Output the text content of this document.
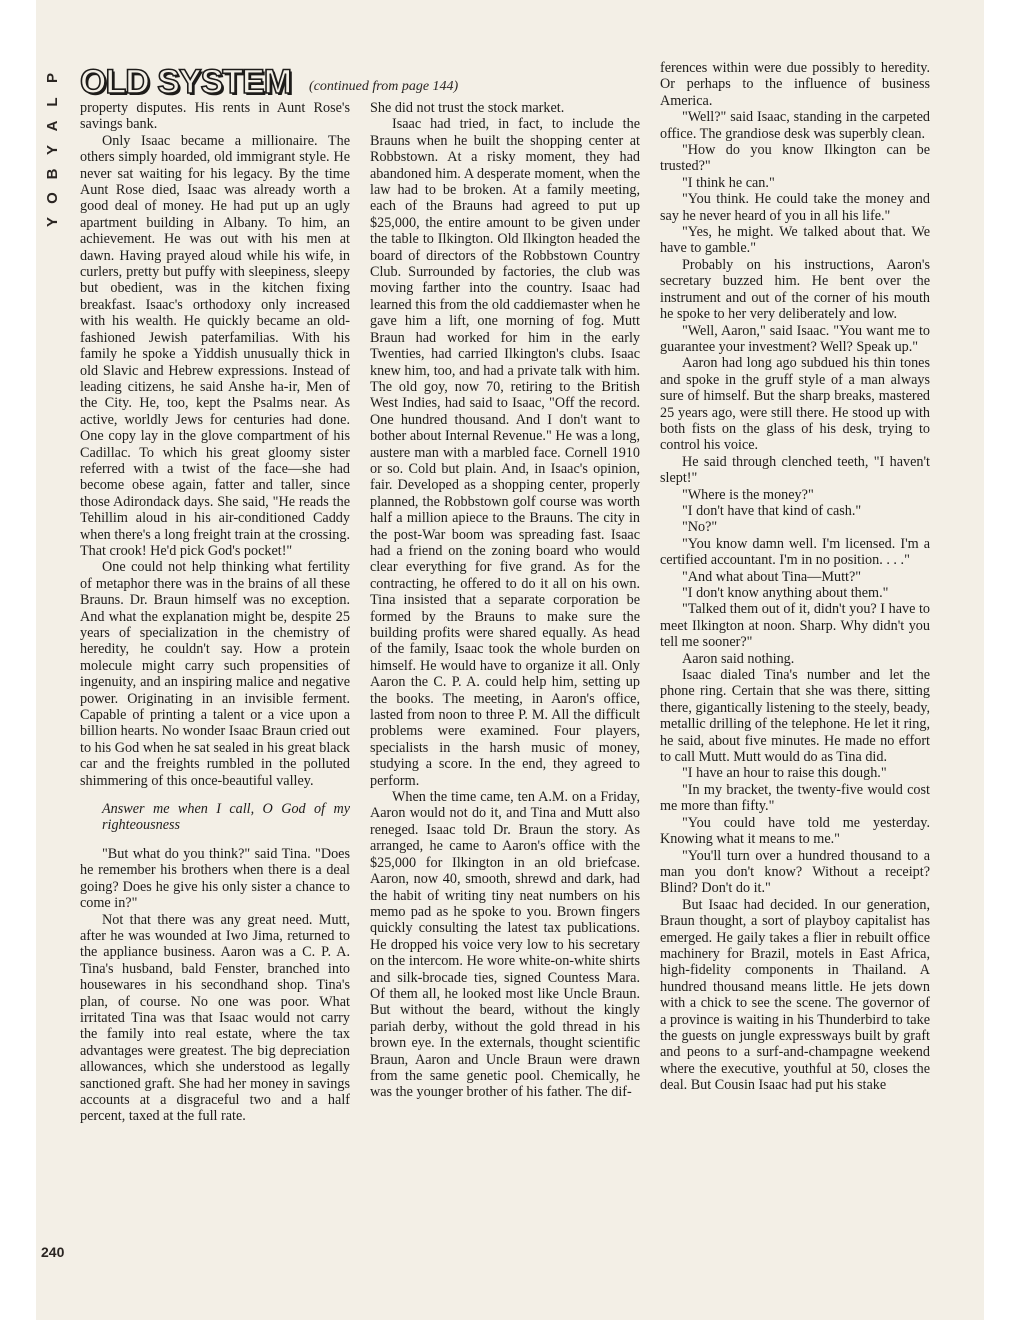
P
L
A
Y
B
O
Y
240
OLD SYSTEM (continued from page 144)

property disputes. His rents in Aunt Rose's savings bank.

Only Isaac became a millionaire. The others simply hoarded, old immigrant style. He never sat waiting for his legacy. By the time Aunt Rose died, Isaac was already worth a good deal of money. He had put up an ugly apartment building in Albany. To him, an achievement. He was out with his men at dawn. Having prayed aloud while his wife, in curlers, pretty but puffy with sleepiness, sleepy but obedient, was in the kitchen fixing breakfast. Isaac's orthodoxy only increased with his wealth. He quickly became an old-fashioned Jewish paterfamilias. With his family he spoke a Yiddish unusually thick in old Slavic and Hebrew expressions. Instead of leading citizens, he said Anshe ha-ir, Men of the City. He, too, kept the Psalms near. As active, worldly Jews for centuries had done. One copy lay in the glove compartment of his Cadillac. To which his great gloomy sister referred with a twist of the face—she had become obese again, fatter and taller, since those Adirondack days. She said, "He reads the Tehillim aloud in his air-conditioned Caddy when there's a long freight train at the crossing. That crook! He'd pick God's pocket!"

One could not help thinking what fertility of metaphor there was in the brains of all these Brauns. Dr. Braun himself was no exception. And what the explanation might be, despite 25 years of specialization in the chemistry of heredity, he couldn't say. How a protein molecule might carry such propensities of ingenuity, and an inspiring malice and negative power. Originating in an invisible ferment. Capable of printing a talent or a vice upon a billion hearts. No wonder Isaac Braun cried out to his God when he sat sealed in his great black car and the freights rumbled in the polluted shimmering of this once-beautiful valley.

Answer me when I call, O God of my righteousness

"But what do you think?" said Tina. "Does he remember his brothers when there is a deal going? Does he give his only sister a chance to come in?"

Not that there was any great need. Mutt, after he was wounded at Iwo Jima, returned to the appliance business. Aaron was a C. P. A. Tina's husband, bald Fenster, branched into housewares in his secondhand shop. Tina's plan, of course. No one was poor. What irritated Tina was that Isaac would not carry the family into real estate, where the tax advantages were greatest. The big depreciation allowances, which she understood as legally sanctioned graft. She had her money in savings accounts at a disgraceful two and a half percent, taxed at the full rate.

She did not trust the stock market.

Isaac had tried, in fact, to include the Brauns when he built the shopping center at Robbstown. At a risky moment, they had abandoned him. A desperate moment, when the law had to be broken. At a family meeting, each of the Brauns had agreed to put up $25,000, the entire amount to be given under the table to Ilkington. Old Ilkington headed the board of directors of the Robbstown Country Club. Surrounded by factories, the club was moving farther into the country. Isaac had learned this from the old caddiemaster when he gave him a lift, one morning of fog. Mutt Braun had worked for him in the early Twenties, had carried Ilkington's clubs. Isaac knew him, too, and had a private talk with him. The old goy, now 70, retiring to the British West Indies, had said to Isaac, "Off the record. One hundred thousand. And I don't want to bother about Internal Revenue." He was a long, austere man with a marbled face. Cornell 1910 or so. Cold but plain. And, in Isaac's opinion, fair. Developed as a shopping center, properly planned, the Robbstown golf course was worth half a million apiece to the Brauns. The city in the post-War boom was spreading fast. Isaac had a friend on the zoning board who would clear everything for five grand. As for the contracting, he offered to do it all on his own. Tina insisted that a separate corporation be formed by the Brauns to make sure the building profits were shared equally. As head of the family, Isaac took the whole burden on himself. He would have to organize it all. Only Aaron the C. P. A. could help him, setting up the books. The meeting, in Aaron's office, lasted from noon to three P. M. All the difficult problems were examined. Four players, specialists in the harsh music of money, studying a score. In the end, they agreed to perform.

When the time came, ten A.M. on a Friday, Aaron would not do it, and Tina and Mutt also reneged. Isaac told Dr. Braun the story. As arranged, he came to Aaron's office with the $25,000 for Ilkington in an old briefcase. Aaron, now 40, smooth, shrewd and dark, had the habit of writing tiny neat numbers on his memo pad as he spoke to you. Brown fingers quickly consulting the latest tax publications. He dropped his voice very low to his secretary on the intercom. He wore white-on-white shirts and silk-brocade ties, signed Countess Mara. Of them all, he looked most like Uncle Braun. But without the beard, without the kingly pariah derby, without the gold thread in his brown eye. In the externals, thought scientific Braun, Aaron and Uncle Braun were drawn from the same genetic pool. Chemically, he was the younger brother of his father. The dif-

ferences within were due possibly to heredity. Or perhaps to the influence of business America.

"Well?" said Isaac, standing in the carpeted office. The grandiose desk was superbly clean.

"How do you know Ilkington can be trusted?"

"I think he can."

"You think. He could take the money and say he never heard of you in all his life."

"Yes, he might. We talked about that. We have to gamble."

Probably on his instructions, Aaron's secretary buzzed him. He bent over the instrument and out of the corner of his mouth he spoke to her very deliberately and low.

"Well, Aaron," said Isaac. "You want me to guarantee your investment? Well? Speak up."

Aaron had long ago subdued his thin tones and spoke in the gruff style of a man always sure of himself. But the sharp breaks, mastered 25 years ago, were still there. He stood up with both fists on the glass of his desk, trying to control his voice.

He said through clenched teeth, "I haven't slept!"

"Where is the money?"

"I don't have that kind of cash."

"No?"

"You know damn well. I'm licensed. I'm a certified accountant. I'm in no position. . . ."

"And what about Tina—Mutt?"

"I don't know anything about them."

"Talked them out of it, didn't you? I have to meet Ilkington at noon. Sharp. Why didn't you tell me sooner?"

Aaron said nothing.

Isaac dialed Tina's number and let the phone ring. Certain that she was there, sitting there, gigantically listening to the steely, beady, metallic drilling of the telephone. He let it ring, he said, about five minutes. He made no effort to call Mutt. Mutt would do as Tina did.

"I have an hour to raise this dough."

"In my bracket, the twenty-five would cost me more than fifty."

"You could have told me yesterday. Knowing what it means to me."

"You'll turn over a hundred thousand to a man you don't know? Without a receipt? Blind? Don't do it."

But Isaac had decided. In our generation, Braun thought, a sort of playboy capitalist has emerged. He gaily takes a flier in rebuilt office machinery for Brazil, motels in East Africa, high-fidelity components in Thailand. A hundred thousand means little. He jets down with a chick to see the scene. The governor of a province is waiting in his Thunderbird to take the guests on jungle expressways built by graft and peons to a surf-and-champagne weekend where the executive, youthful at 50, closes the deal. But Cousin Isaac had put his stake
